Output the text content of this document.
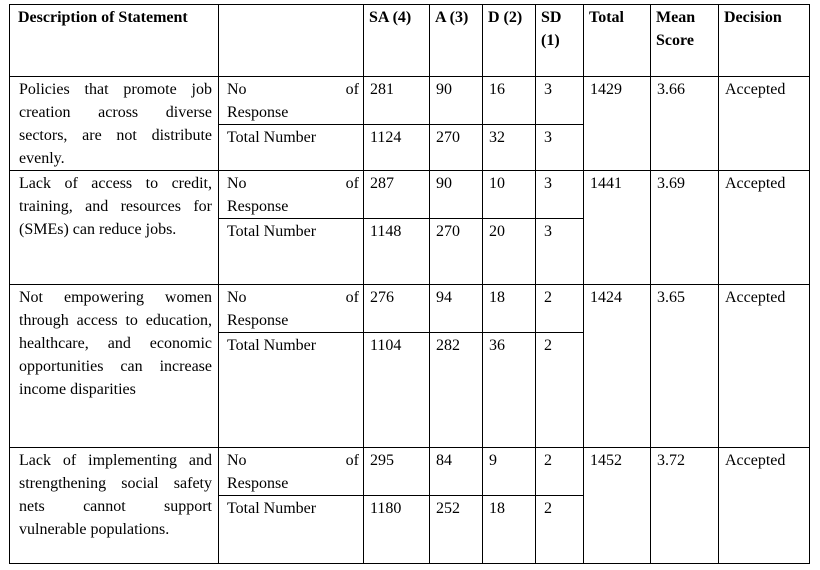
Description of Statement		SA (4)	A (3)	D (2)	SD (1)	Total	Mean Score	Decision
Policies that promote job creation across diverse sectors, are not distribute evenly.	No of
Response	281	90	16	3	1429	3.66	Accepted
	Total Number	1124	270	32	3			
Lack of access to credit, training, and resources for (SMEs) can reduce jobs.	No of
Response	287	90	10	3	1441	3.69	Accepted
	Total Number	1148	270	20	3			
Not empowering women through access to education, healthcare, and economic opportunities can increase income disparities	No of
Response	276	94	18	2	1424	3.65	Accepted
	Total Number	1104	282	36	2			
Lack of implementing and strengthening social safety nets cannot support vulnerable populations.	No of
Response	295	84	9	2	1452	3.72	Accepted
	Total Number	1180	252	18	2			
